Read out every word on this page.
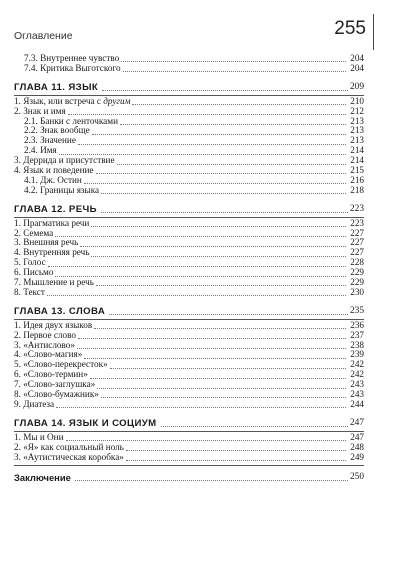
Оглавление	255
7.3. Внутреннее чувство	204
7.4. Критика Выготского	204
ГЛАВА 11. ЯЗЫК	209
1. Язык, или встреча с другим	210
2. Знак и имя	212
2.1. Банки с ленточками	213
2.2. Знак вообще	213
2.3. Значение	213
2.4. Имя	214
3. Деррида и присутствие	214
4. Язык и поведение	215
4.1. Дж. Остин	216
4.2. Границы языка	218
ГЛАВА 12. РЕЧЬ	223
1. Прагматика речи	223
2. Семема	227
3. Внешняя речь	227
4. Внутренняя речь	227
5. Голос	228
6. Письмо	229
7. Мышление и речь	229
8. Текст	230
ГЛАВА 13. СЛОВА	235
1. Идея двух языков	236
2. Первое слово	237
3. «Антислово»	238
4. «Слово-магия»	239
5. «Слово-перекресток»	242
6. «Слово-термин»	242
7. «Слово-заглушка»	243
8. «Слово-бумажник»	243
9. Диатеза	244
ГЛАВА 14. ЯЗЫК И СОЦИУМ	247
1. Мы и Они	247
2. «Я» как социальный ноль	248
3. «Аутистическая коробка»	249
Заключение	250
